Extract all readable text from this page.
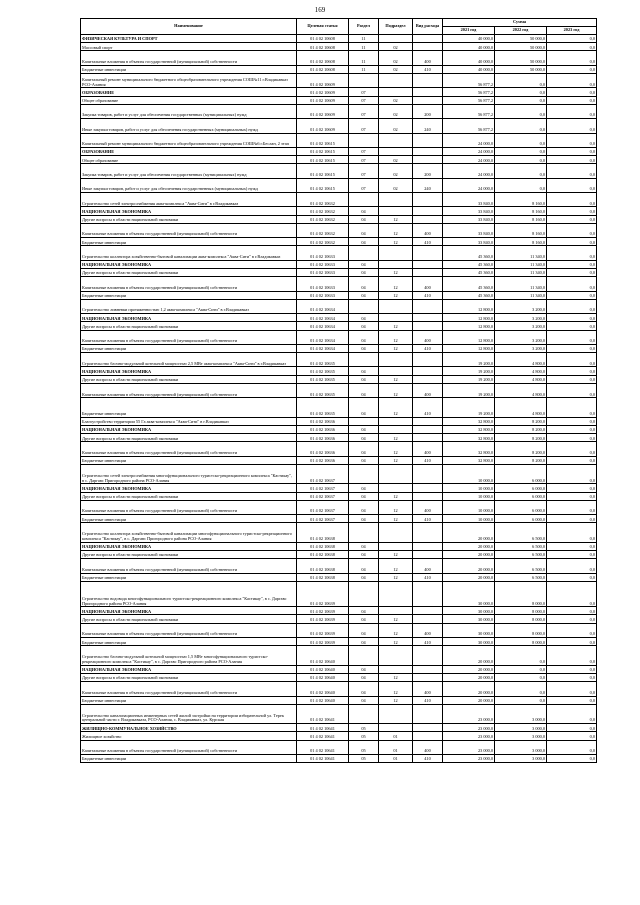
169
Наименование	Целевая статья	Раздел	Подраздел	Вид расхода	Сумма		
					2021 год	2022 год	2023 год
ФИЗИЧЕСКАЯ КУЛЬТУРА И СПОРТ	01 4 02 10608	11			40 000,0	50 000,0	0,0
Массовый спорт	01 4 02 10608	11	02		40 000,0	50 000,0	0,0
Капитальные вложения в объекты государственной (муниципальной) собственности	01 4 02 10608	11	02	400	40 000,0	50 000,0	0,0
Бюджетные инвестиции	01 4 02 10608	11	02	410	40 000,0	50 000,0	0,0
Капитальный ремонт муниципального бюджетного общеобразовательного учреждения СОШ№11 г.Владикавказ РСО-Алания	01 4 02 10609				56 877,2	0,0	0,0
ОБРАЗОВАНИЕ	01 4 02 10609	07			56 877,2	0,0	0,0
Общее образование	01 4 02 10609	07	02		56 877,2	0,0	0,0
Закупка товаров, работ и услуг для обеспечения государственных (муниципальных) нужд	01 4 02 10609	07	02	200	56 877,2	0,0	0,0
Иные закупки товаров, работ и услуг для обеспечения государственных (муниципальных) нужд	01 4 02 10609	07	02	240	56 877,2	0,0	0,0
Капитальный ремонт муниципального бюджетного общеобразовательного учреждения СОШ№6 г.Беслан, 2 этап	01 4 02 10615				24 000,0	0,0	0,0
ОБРАЗОВАНИЕ	01 4 02 10615	07			24 000,0	0,0	0,0
Общее образование	01 4 02 10615	07	02		24 000,0	0,0	0,0
Закупка товаров, работ и услуг для обеспечения государственных (муниципальных) нужд	01 4 02 10615	07	02	200	24 000,0	0,0	0,0
Иные закупки товаров, работ и услуг для обеспечения государственных (муниципальных) нужд	01 4 02 10615	07	02	240	24 000,0	0,0	0,0
Строительство сетей электроснабжения аква-комплекса "Аква-Сити" в г.Владикавказ	01 4 02 10632				33 840,0	8 160,0	0,0
НАЦИОНАЛЬНАЯ ЭКОНОМИКА	01 4 02 10632	04			33 840,0	8 160,0	0,0
Другие вопросы в области национальной экономики	01 4 02 10632	04	12		33 840,0	8 160,0	0,0
Капитальные вложения в объекты государственной (муниципальной) собственности	01 4 02 10632	04	12	400	33 840,0	8 160,0	0,0
Бюджетные инвестиции	01 4 02 10632	04	12	410	33 840,0	8 160,0	0,0
Строительство коллектора хозяйственно-бытовой канализации аква-комплекса "Аква-Сити" в г.Владикавказ	01 4 02 10633				45 360,0	11 340,0	0,0
НАЦИОНАЛЬНАЯ ЭКОНОМИКА	01 4 02 10633	04			45 360,0	11 340,0	0,0
Другие вопросы в области национальной экономики	01 4 02 10633	04	12		45 360,0	11 340,0	0,0
Капитальные вложения в объекты государственной (муниципальной) собственности	01 4 02 10633	04	12	400	45 360,0	11 340,0	0,0
Бюджетные инвестиции	01 4 02 10633	04	12	410	45 360,0	11 340,0	0,0
Строительство ливневки протяженностью 1,2 аква-комплекса "Аква-Сити" в г.Владикавказ	01 4 02 10634				12 800,0	3 200,0	0,0
НАЦИОНАЛЬНАЯ ЭКОНОМИКА	01 4 02 10634	04			12 800,0	3 200,0	0,0
Другие вопросы в области национальной экономики	01 4 02 10634	04	12		12 800,0	3 200,0	0,0
Капитальные вложения в объекты государственной (муниципальной) собственности	01 4 02 10634	04	12	400	12 800,0	3 200,0	0,0
Бюджетные инвестиции	01 4 02 10634	04	12	410	12 800,0	3 200,0	0,0
Строительство блочно-модульной котельной мощностью 2,5 МВт аква-комплекса "Аква-Сити" в г.Владикавказ	01 4 02 10635				19 200,0	4 800,0	0,0
НАЦИОНАЛЬНАЯ ЭКОНОМИКА	01 4 02 10635	04			19 200,0	4 800,0	0,0
Другие вопросы в области национальной экономики	01 4 02 10635	04	12		19 200,0	4 800,0	0,0
Капитальные вложения в объекты государственной (муниципальной) собственности	01 4 02 10635	04	12	400	19 200,0	4 800,0	0,0
Бюджетные инвестиции	01 4 02 10635	04	12	410	19 200,0	4 800,0	0,0
Благоустройство территории 55 Га аква-комплекса "Аква-Сити" в г.Владикавказ	01 4 02 10636				32 800,0	8 200,0	0,0
НАЦИОНАЛЬНАЯ ЭКОНОМИКА	01 4 02 10636	04			32 800,0	8 200,0	0,0
Другие вопросы в области национальной экономики	01 4 02 10636	04	12		32 800,0	8 200,0	0,0
Капитальные вложения в объекты государственной (муниципальной) собственности	01 4 02 10636	04	12	400	32 800,0	8 200,0	0,0
Бюджетные инвестиции	01 4 02 10636	04	12	410	32 800,0	8 200,0	0,0
Строительство сетей электроснабжения многофункционального туристско-рекреационного комплекса "Кастикау", в с. Даргавс Пригородного района РСО-Алания	01 4 02 10637				10 000,0	6 000,0	0,0
НАЦИОНАЛЬНАЯ ЭКОНОМИКА	01 4 02 10637	04			10 000,0	6 000,0	0,0
Другие вопросы в области национальной экономики	01 4 02 10637	04	12		10 000,0	6 000,0	0,0
Капитальные вложения в объекты государственной (муниципальной) собственности	01 4 02 10637	04	12	400	10 000,0	6 000,0	0,0
Бюджетные инвестиции	01 4 02 10637	04	12	410	10 000,0	6 000,0	0,0
Строительство коллектора хозяйственно-бытовой канализации многофункционального туристско-рекреационного комплекса "Кастикау", в с. Даргавс Пригородного района РСО-Алания	01 4 02 10638				20 000,0	6 500,0	0,0
НАЦИОНАЛЬНАЯ ЭКОНОМИКА	01 4 02 10638	04			20 000,0	6 500,0	0,0
Другие вопросы в области национальной экономики	01 4 02 10638	04	12		20 000,0	6 500,0	0,0
Капитальные вложения в объекты государственной (муниципальной) собственности	01 4 02 10638	04	12	400	20 000,0	6 500,0	0,0
Бюджетные инвестиции	01 4 02 10638	04	12	410	20 000,0	6 500,0	0,0
Строительство водовода многофункционального туристско-рекреационного комплекса "Кастикау", в с. Даргавс Пригородного района РСО-Алания	01 4 02 10639				30 000,0	8 000,0	0,0
НАЦИОНАЛЬНАЯ ЭКОНОМИКА	01 4 02 10639	04			30 000,0	8 000,0	0,0
Другие вопросы в области национальной экономики	01 4 02 10639	04	12		30 000,0	8 000,0	0,0
Капитальные вложения в объекты государственной (муниципальной) собственности	01 4 02 10639	04	12	400	30 000,0	8 000,0	0,0
Бюджетные инвестиции	01 4 02 10639	04	12	410	30 000,0	8 000,0	0,0
Строительство блочно-модульной котельной мощностью 1,5 МВт многофункционального туристско-рекреационного комплекса "Кастикау", в с. Даргавс Пригородного района РСО-Алания	01 4 02 10640				20 000,0	0,0	0,0
НАЦИОНАЛЬНАЯ ЭКОНОМИКА	01 4 02 10640	04			20 000,0	0,0	0,0
Другие вопросы в области национальной экономики	01 4 02 10640	04	12		20 000,0	0,0	0,0
Капитальные вложения в объекты государственной (муниципальной) собственности	01 4 02 10640	04	12	400	20 000,0	0,0	0,0
Бюджетные инвестиции	01 4 02 10640	04	12	410	20 000,0	0,0	0,0
Строительство канализационных инженерных сетей жилой застройки на территории избирательной ул. Терек центральной части г. Владикавказа, РСО-Алания, с. Владикавказ, ул. Курская	01 4 02 10641				23 000,0	3 000,0	0,0
ЖИЛИЩНО-КОММУНАЛЬНОЕ ХОЗЯЙСТВО	01 4 02 10641	05			23 000,0	3 000,0	0,0
Жилищное хозяйство	01 4 02 10641	05	01		23 000,0	3 000,0	0,0
Капитальные вложения в объекты государственной (муниципальной) собственности	01 4 02 10641	05	01	400	23 000,0	3 000,0	0,0
Бюджетные инвестиции	01 4 02 10641	05	01	410	23 000,0	3 000,0	0,0
